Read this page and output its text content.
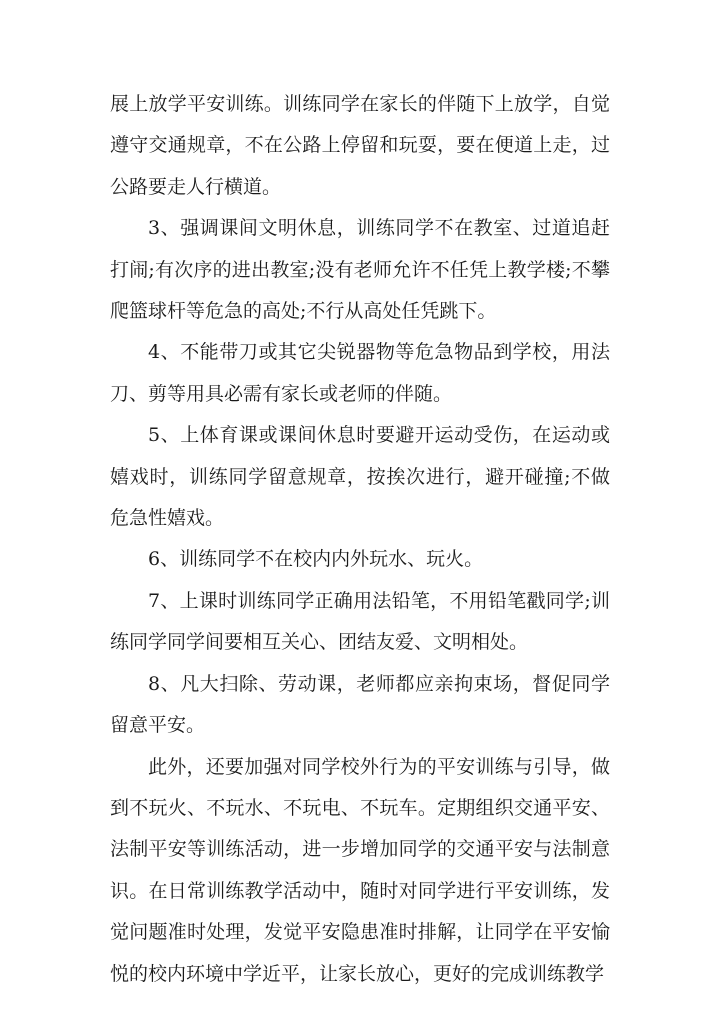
展上放学平安训练。训练同学在家长的伴随下上放学，自觉遵守交通规章，不在公路上停留和玩耍，要在便道上走，过公路要走人行横道。

3、强调课间文明休息，训练同学不在教室、过道追赶打闹;有次序的进出教室;没有老师允许不任凭上教学楼;不攀爬篮球杆等危急的高处;不行从高处任凭跳下。

4、不能带刀或其它尖锐器物等危急物品到学校，用法刀、剪等用具必需有家长或老师的伴随。

5、上体育课或课间休息时要避开运动受伤，在运动或嬉戏时，训练同学留意规章，按挨次进行，避开碰撞;不做危急性嬉戏。

6、训练同学不在校内内外玩水、玩火。

7、上课时训练同学正确用法铅笔，不用铅笔戳同学;训练同学同学间要相互关心、团结友爱、文明相处。

8、凡大扫除、劳动课，老师都应亲拘束场，督促同学留意平安。

此外，还要加强对同学校外行为的平安训练与引导，做到不玩火、不玩水、不玩电、不玩车。定期组织交通平安、法制平安等训练活动，进一步增加同学的交通平安与法制意识。在日常训练教学活动中，随时对同学进行平安训练，发觉问题准时处理，发觉平安隐患准时排解，让同学在平安愉悦的校内环境中学近平，让家长放心，更好的完成训练教学
